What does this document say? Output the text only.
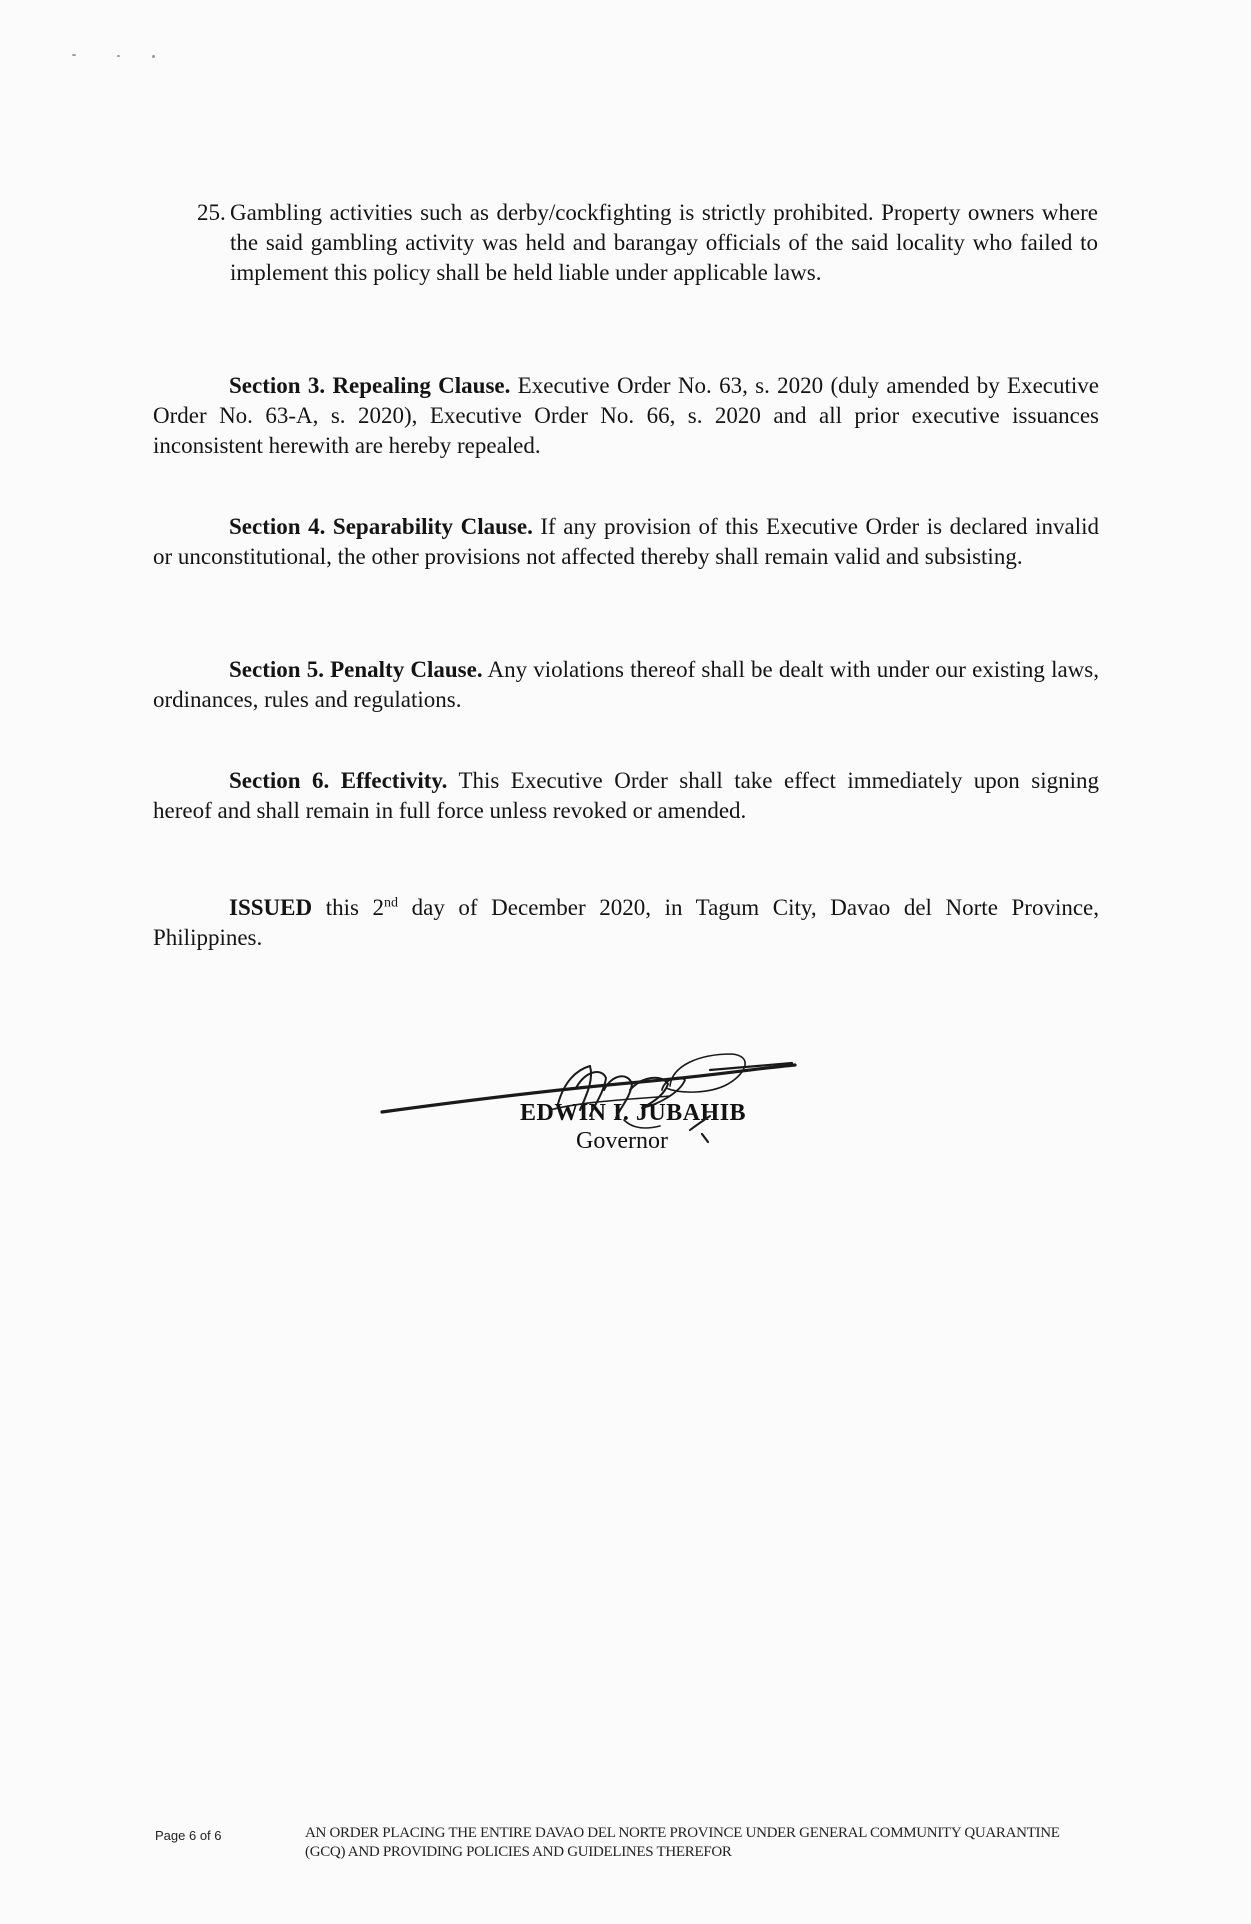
25. Gambling activities such as derby/cockfighting is strictly prohibited. Property owners where the said gambling activity was held and barangay officials of the said locality who failed to implement this policy shall be held liable under applicable laws.

Section 3. Repealing Clause. Executive Order No. 63, s. 2020 (duly amended by Executive Order No. 63-A, s. 2020), Executive Order No. 66, s. 2020 and all prior executive issuances inconsistent herewith are hereby repealed.

Section 4. Separability Clause. If any provision of this Executive Order is declared invalid or unconstitutional, the other provisions not affected thereby shall remain valid and subsisting.

Section 5. Penalty Clause. Any violations thereof shall be dealt with under our existing laws, ordinances, rules and regulations.

Section 6. Effectivity. This Executive Order shall take effect immediately upon signing hereof and shall remain in full force unless revoked or amended.

ISSUED this 2nd day of December 2020, in Tagum City, Davao del Norte Province, Philippines.

EDWIN I. JUBAHIB
Governor
Page 6 of 6	AN ORDER PLACING THE ENTIRE DAVAO DEL NORTE PROVINCE UNDER GENERAL COMMUNITY QUARANTINE (GCQ) AND PROVIDING POLICIES AND GUIDELINES THEREFOR
